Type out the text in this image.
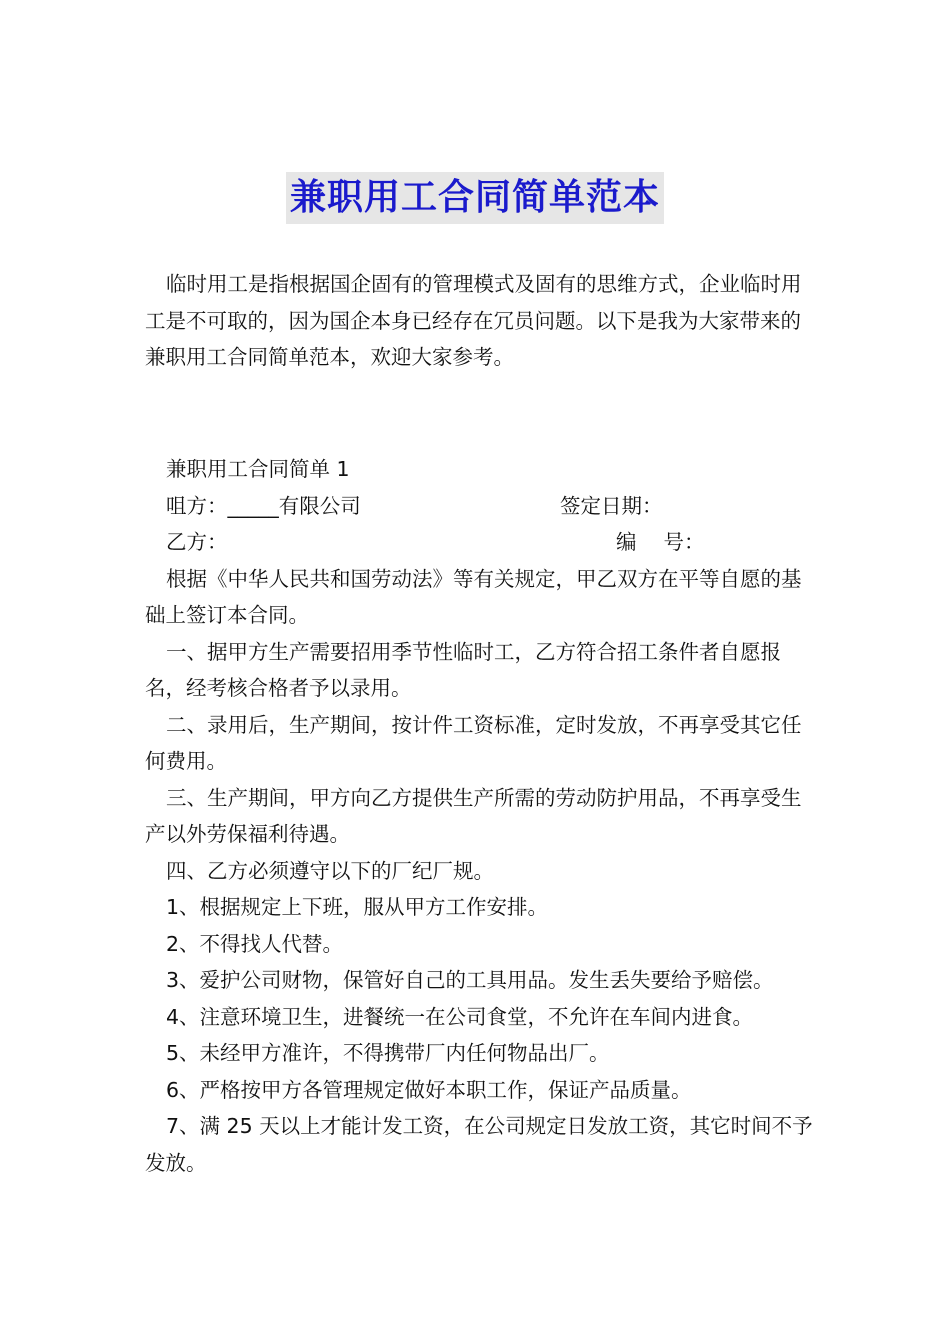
兼职用工合同简单范本

临时用工是指根据国企固有的管理模式及固有的思维方式，企业临时用工是不可取的，因为国企本身已经存在冗员问题。以下是我为大家带来的兼职用工合同简单范本，欢迎大家参考。

兼职用工合同简单 1

咀方：_____有限公司	签定日期：
乙方：	编　 号：

根据《中华人民共和国劳动法》等有关规定，甲乙双方在平等自愿的基础上签订本合同。

一、据甲方生产需要招用季节性临时工，乙方符合招工条件者自愿报名，经考核合格者予以录用。

二、录用后，生产期间，按计件工资标准，定时发放，不再享受其它任何费用。

三、生产期间，甲方向乙方提供生产所需的劳动防护用品，不再享受生产以外劳保福利待遇。

四、乙方必须遵守以下的厂纪厂规。

1、根据规定上下班，服从甲方工作安排。

2、不得找人代替。

3、爱护公司财物，保管好自己的工具用品。发生丢失要给予赔偿。

4、注意环境卫生，进餐统一在公司食堂，不允许在车间内进食。

5、未经甲方准许，不得携带厂内任何物品出厂。

6、严格按甲方各管理规定做好本职工作，保证产品质量。

7、满 25 天以上才能计发工资，在公司规定日发放工资，其它时间不予发放。
